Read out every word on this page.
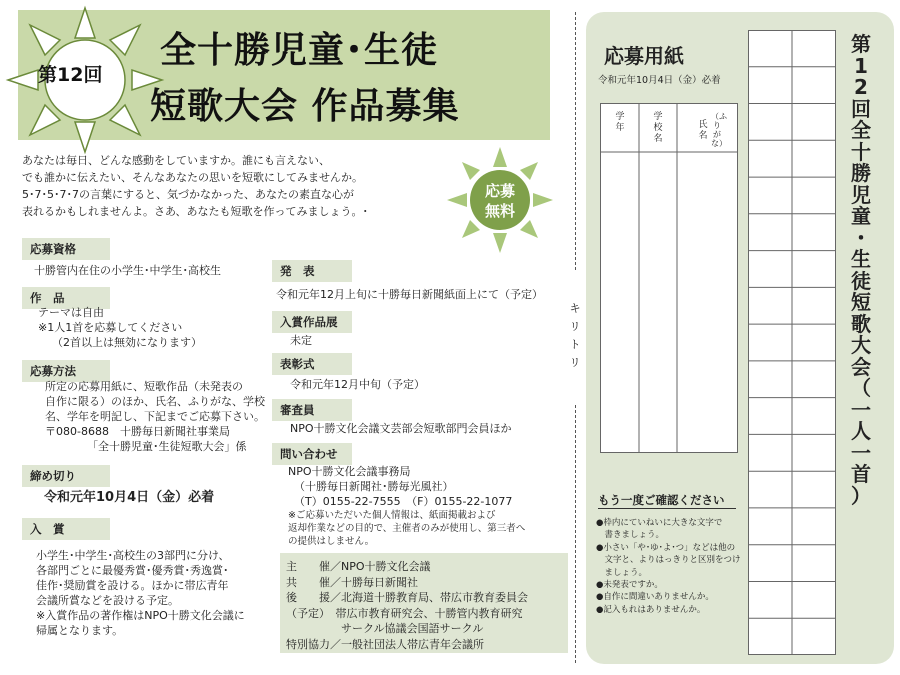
第12回
全十勝児童･生徒
短歌大会 作品募集
あなたは毎日、どんな感動をしていますか。誰にも言えない、
でも誰かに伝えたい、そんなあなたの思いを短歌にしてみませんか。
5･7･5･7･7の言葉にすると、気づかなかった、あなたの素直な心が
表れるかもしれませんよ。さあ、あなたも短歌を作ってみましょう。･
応募
無料
応募資格
十勝管内在住の小学生･中学生･高校生
作　品
テーマは自由
※1人1首を応募してください
（2首以上は無効になります）
応募方法
所定の応募用紙に、短歌作品（未発表の
自作に限る）のほか、氏名、ふりがな、学校
名、学年を明記し、下記までご応募下さい。
〒080-8688　十勝毎日新聞社事業局
「全十勝児童･生徒短歌大会」係
締め切り
令和元年10月4日（金）必着
入　賞
小学生･中学生･高校生の3部門に分け、
各部門ごとに最優秀賞･優秀賞･秀逸賞･
佳作･奨励賞を設ける。ほかに帯広青年
会議所賞などを設ける予定。
※入賞作品の著作権はNPO十勝文化会議に
帰属となります。
発　表
令和元年12月上旬に十勝毎日新聞紙面上にて（予定）
入賞作品展
未定
表彰式
令和元年12月中旬（予定）
審査員
NPO十勝文化会議文芸部会短歌部門会員ほか
問い合わせ
NPO十勝文化会議事務局
（十勝毎日新聞社･勝毎光風社）
（T）0155-22-7555　（F）0155-22-1077
※ご応募いただいた個人情報は、紙面掲載および
返却作業などの目的で、主催者のみが使用し、第三者へ
の提供はしません。
主　　催／NPO十勝文化会議
共　　催／十勝毎日新聞社
後　　援／北海道十勝教育局、帯広市教育委員会
（予定）　帯広市教育研究会、十勝管内教育研究
　　　　　サークル協議会国語サークル
特別協力／一般社団法人帯広青年会議所
キ
リ
ト
リ
応募用紙
令和元年10月4日（金）必着
学年
学校名
（ふりがな）
氏名
第
1
2
回
全
十
勝
児
童
・
生
徒
短
歌
大
会
（
一
人
一
首
）
もう一度ご確認ください
●枠内にていねいに大きな文字で
　書きましょう。
●小さい「や･ゆ･よ･つ」などは他の
　文字と、よりはっきりと区別をつけ
　ましょう。
●未発表ですか。
●自作に間違いありませんか。
●記入もれはありませんか。
